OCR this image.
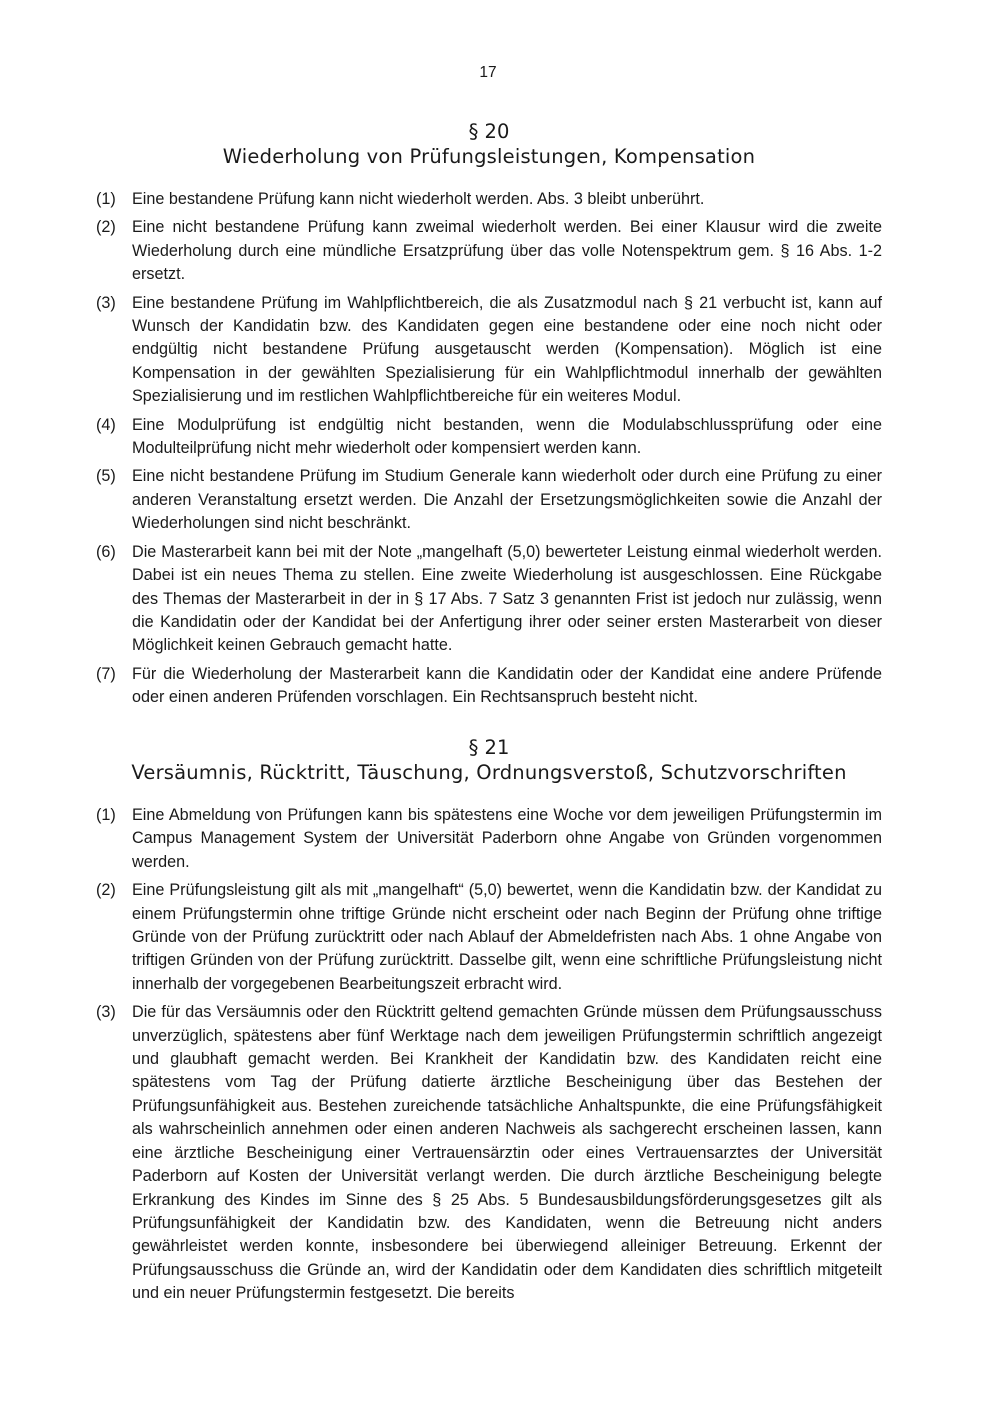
17
§ 20
Wiederholung von Prüfungsleistungen, Kompensation
(1)	Eine bestandene Prüfung kann nicht wiederholt werden. Abs. 3 bleibt unberührt.
(2)	Eine nicht bestandene Prüfung kann zweimal wiederholt werden. Bei einer Klausur wird die zweite Wiederholung durch eine mündliche Ersatzprüfung über das volle Notenspektrum gem. § 16 Abs. 1-2 ersetzt.
(3)	Eine bestandene Prüfung im Wahlpflichtbereich, die als Zusatzmodul nach § 21 verbucht ist, kann auf Wunsch der Kandidatin bzw. des Kandidaten gegen eine bestandene oder eine noch nicht oder endgültig nicht bestandene Prüfung ausgetauscht werden (Kompensation). Möglich ist eine Kompensation in der gewählten Spezialisierung für ein Wahlpflichtmodul innerhalb der gewählten Spezialisierung und im restlichen Wahlpflichtbereiche für ein weiteres Modul.
(4)	Eine Modulprüfung ist endgültig nicht bestanden, wenn die Modulabschlussprüfung oder eine Modulteilprüfung nicht mehr wiederholt oder kompensiert werden kann.
(5)	Eine nicht bestandene Prüfung im Studium Generale kann wiederholt oder durch eine Prüfung zu einer anderen Veranstaltung ersetzt werden. Die Anzahl der Ersetzungsmöglichkeiten sowie die Anzahl der Wiederholungen sind nicht beschränkt.
(6)	Die Masterarbeit kann bei mit der Note „mangelhaft (5,0) bewerteter Leistung einmal wiederholt werden. Dabei ist ein neues Thema zu stellen. Eine zweite Wiederholung ist ausgeschlossen. Eine Rückgabe des Themas der Masterarbeit in der in § 17 Abs. 7 Satz 3 genannten Frist ist jedoch nur zulässig, wenn die Kandidatin oder der Kandidat bei der Anfertigung ihrer oder seiner ersten Masterarbeit von dieser Möglichkeit keinen Gebrauch gemacht hatte.
(7)	Für die Wiederholung der Masterarbeit kann die Kandidatin oder der Kandidat eine andere Prüfende oder einen anderen Prüfenden vorschlagen. Ein Rechtsanspruch besteht nicht.
§ 21
Versäumnis, Rücktritt, Täuschung, Ordnungsverstoß, Schutzvorschriften
(1)	Eine Abmeldung von Prüfungen kann bis spätestens eine Woche vor dem jeweiligen Prüfungstermin im Campus Management System der Universität Paderborn ohne Angabe von Gründen vorgenommen werden.
(2)	Eine Prüfungsleistung gilt als mit „mangelhaft“ (5,0) bewertet, wenn die Kandidatin bzw. der Kandidat zu einem Prüfungstermin ohne triftige Gründe nicht erscheint oder nach Beginn der Prüfung ohne triftige Gründe von der Prüfung zurücktritt oder nach Ablauf der Abmeldefristen nach Abs. 1 ohne Angabe von triftigen Gründen von der Prüfung zurücktritt. Dasselbe gilt, wenn eine schriftliche Prüfungsleistung nicht innerhalb der vorgegebenen Bearbeitungszeit erbracht wird.
(3)	Die für das Versäumnis oder den Rücktritt geltend gemachten Gründe müssen dem Prüfungsausschuss unverzüglich, spätestens aber fünf Werktage nach dem jeweiligen Prüfungstermin schriftlich angezeigt und glaubhaft gemacht werden. Bei Krankheit der Kandidatin bzw. des Kandidaten reicht eine spätestens vom Tag der Prüfung datierte ärztliche Bescheinigung über das Bestehen der Prüfungsunfähigkeit aus. Bestehen zureichende tatsächliche Anhaltspunkte, die eine Prüfungsfähigkeit als wahrscheinlich annehmen oder einen anderen Nachweis als sachgerecht erscheinen lassen, kann eine ärztliche Bescheinigung einer Vertrauensärztin oder eines Vertrauensarztes der Universität Paderborn auf Kosten der Universität verlangt werden. Die durch ärztliche Bescheinigung belegte Erkrankung des Kindes im Sinne des § 25 Abs. 5 Bundesausbildungsförderungsgesetzes gilt als Prüfungsunfähigkeit der Kandidatin bzw. des Kandidaten, wenn die Betreuung nicht anders gewährleistet werden konnte, insbesondere bei überwiegend alleiniger Betreuung. Erkennt der Prüfungsausschuss die Gründe an, wird der Kandidatin oder dem Kandidaten dies schriftlich mitgeteilt und ein neuer Prüfungstermin festgesetzt. Die bereits
